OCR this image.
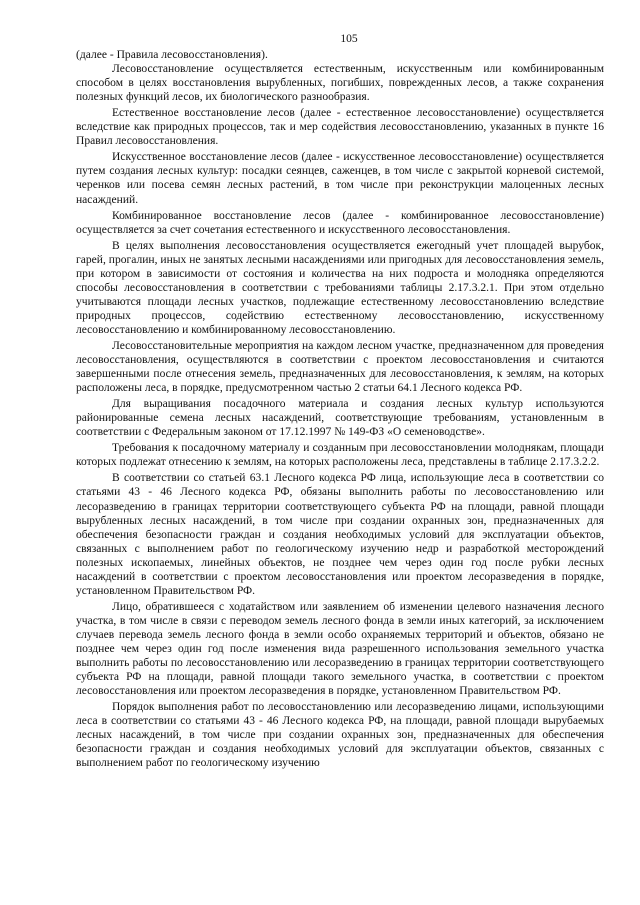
105

(далее - Правила лесовосстановления).

Лесовосстановление осуществляется естественным, искусственным или комбинированным способом в целях восстановления вырубленных, погибших, поврежденных лесов, а также сохранения полезных функций лесов, их биологического разнообразия.

Естественное восстановление лесов (далее - естественное лесовосстановление) осуществляется вследствие как природных процессов, так и мер содействия лесовосстановлению, указанных в пункте 16 Правил лесовосстановления.

Искусственное восстановление лесов (далее - искусственное лесовосстановление) осуществляется путем создания лесных культур: посадки сеянцев, саженцев, в том числе с закрытой корневой системой, черенков или посева семян лесных растений, в том числе при реконструкции малоценных лесных насаждений.

Комбинированное восстановление лесов (далее - комбинированное лесовосстановление) осуществляется за счет сочетания естественного и искусственного лесовосстановления.

В целях выполнения лесовосстановления осуществляется ежегодный учет площадей вырубок, гарей, прогалин, иных не занятых лесными насаждениями или пригодных для лесовосстановления земель, при котором в зависимости от состояния и количества на них подроста и молодняка определяются способы лесовосстановления в соответствии с требованиями таблицы 2.17.3.2.1. При этом отдельно учитываются площади лесных участков, подлежащие естественному лесовосстановлению вследствие природных процессов, содействию естественному лесовосстановлению, искусственному лесовосстановлению и комбинированному лесовосстановлению.

Лесовосстановительные мероприятия на каждом лесном участке, предназначенном для проведения лесовосстановления, осуществляются в соответствии с проектом лесовосстановления и считаются завершенными после отнесения земель, предназначенных для лесовосстановления, к землям, на которых расположены леса, в порядке, предусмотренном частью 2 статьи 64.1 Лесного кодекса РФ.

Для выращивания посадочного материала и создания лесных культур используются районированные семена лесных насаждений, соответствующие требованиям, установленным в соответствии с Федеральным законом от 17.12.1997 № 149-ФЗ «О семеноводстве».

Требования к посадочному материалу и созданным при лесовосстановлении молоднякам, площади которых подлежат отнесению к землям, на которых расположены леса, представлены в таблице 2.17.3.2.2.

В соответствии со статьей 63.1 Лесного кодекса РФ лица, использующие леса в соответствии со статьями 43 - 46 Лесного кодекса РФ, обязаны выполнить работы по лесовосстановлению или лесоразведению в границах территории соответствующего субъекта РФ на площади, равной площади вырубленных лесных насаждений, в том числе при создании охранных зон, предназначенных для обеспечения безопасности граждан и создания необходимых условий для эксплуатации объектов, связанных с выполнением работ по геологическому изучению недр и разработкой месторождений полезных ископаемых, линейных объектов, не позднее чем через один год после рубки лесных насаждений в соответствии с проектом лесовосстановления или проектом лесоразведения в порядке, установленном Правительством РФ.

Лицо, обратившееся с ходатайством или заявлением об изменении целевого назначения лесного участка, в том числе в связи с переводом земель лесного фонда в земли иных категорий, за исключением случаев перевода земель лесного фонда в земли особо охраняемых территорий и объектов, обязано не позднее чем через один год после изменения вида разрешенного использования земельного участка выполнить работы по лесовосстановлению или лесоразведению в границах территории соответствующего субъекта РФ на площади, равной площади такого земельного участка, в соответствии с проектом лесовосстановления или проектом лесоразведения в порядке, установленном Правительством РФ.

Порядок выполнения работ по лесовосстановлению или лесоразведению лицами, использующими леса в соответствии со статьями 43 - 46 Лесного кодекса РФ, на площади, равной площади вырубаемых лесных насаждений, в том числе при создании охранных зон, предназначенных для обеспечения безопасности граждан и создания необходимых условий для эксплуатации объектов, связанных с выполнением работ по геологическому изучению
